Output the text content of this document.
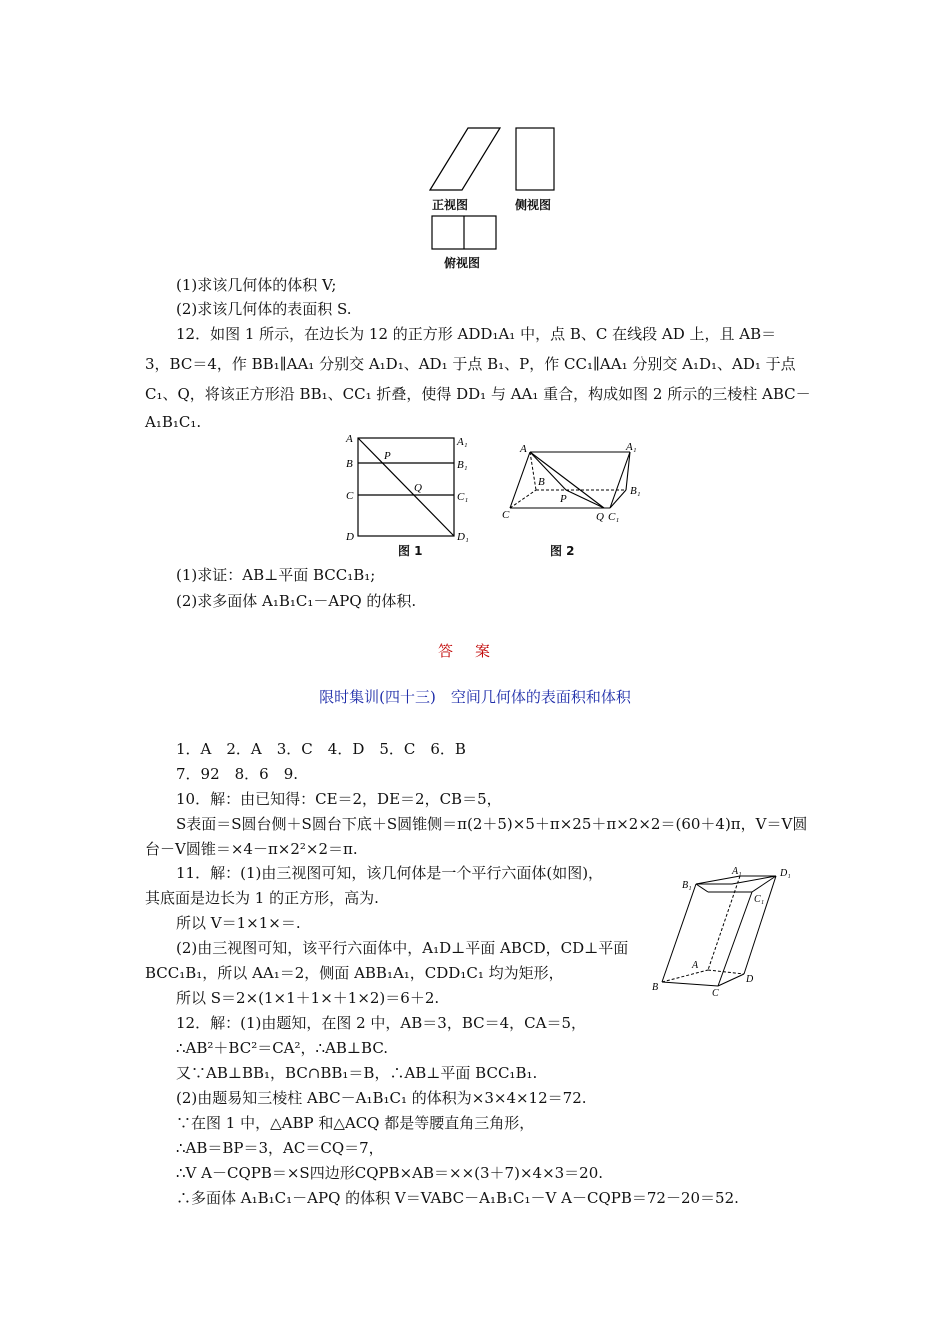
正视图	侧视图
俯视图
(1)求该几何体的体积 V;
(2)求该几何体的表面积 S.
12．如图 1 所示，在边长为 12 的正方形 ADD₁A₁ 中，点 B、C 在线段 AD 上，且 AB＝
3，BC＝4，作 BB₁∥AA₁ 分别交 A₁D₁、AD₁ 于点 B₁、P，作 CC₁∥AA₁ 分别交 A₁D₁、AD₁ 于点
C₁、Q，将该正方形沿 BB₁、CC₁ 折叠，使得 DD₁ 与 AA₁ 重合，构成如图 2 所示的三棱柱 ABC－
A₁B₁C₁.
A
B
C
D
A₁
B₁
C₁
D₁
P
Q
图 1
A
B
C
P
Q C₁
A₁
B₁
图 2
(1)求证：AB⊥平面 BCC₁B₁;
(2)求多面体 A₁B₁C₁－APQ 的体积.
答案
限时集训(四十三)　空间几何体的表面积和体积
1．A　2．A　3．C　4．D　5．C　6．B
7．92　8．6　9.
10．解：由已知得：CE＝2，DE＝2，CB＝5，
S表面＝S圆台侧＋S圆台下底＋S圆锥侧＝π(2＋5)×5＋π×25＋π×2×2＝(60＋4)π，V＝V圆
台－V圆锥＝×4－π×2²×2＝π.
11．解：(1)由三视图可知，该几何体是一个平行六面体(如图)，
其底面是边长为 1 的正方形，高为.
所以 V＝1×1×＝.
(2)由三视图可知，该平行六面体中，A₁D⊥平面 ABCD，CD⊥平面
BCC₁B₁，所以 AA₁＝2，侧面 ABB₁A₁，CDD₁C₁ 均为矩形，
所以 S＝2×(1×1＋1×＋1×2)＝6＋2.
A₁	D₁
B₁
C₁
A
D
B
C
12．解：(1)由题知，在图 2 中，AB＝3，BC＝4，CA＝5，
∴AB²＋BC²＝CA²，∴AB⊥BC.
又∵AB⊥BB₁，BC∩BB₁＝B，∴AB⊥平面 BCC₁B₁.
(2)由题易知三棱柱 ABC－A₁B₁C₁ 的体积为×3×4×12＝72.
∵在图 1 中，△ABP 和△ACQ 都是等腰直角三角形，
∴AB＝BP＝3，AC＝CQ＝7，
∴V A－CQPB＝×S四边形CQPB×AB＝××(3＋7)×4×3＝20.
∴多面体 A₁B₁C₁－APQ 的体积 V＝VABC－A₁B₁C₁－V A－CQPB＝72－20＝52.
